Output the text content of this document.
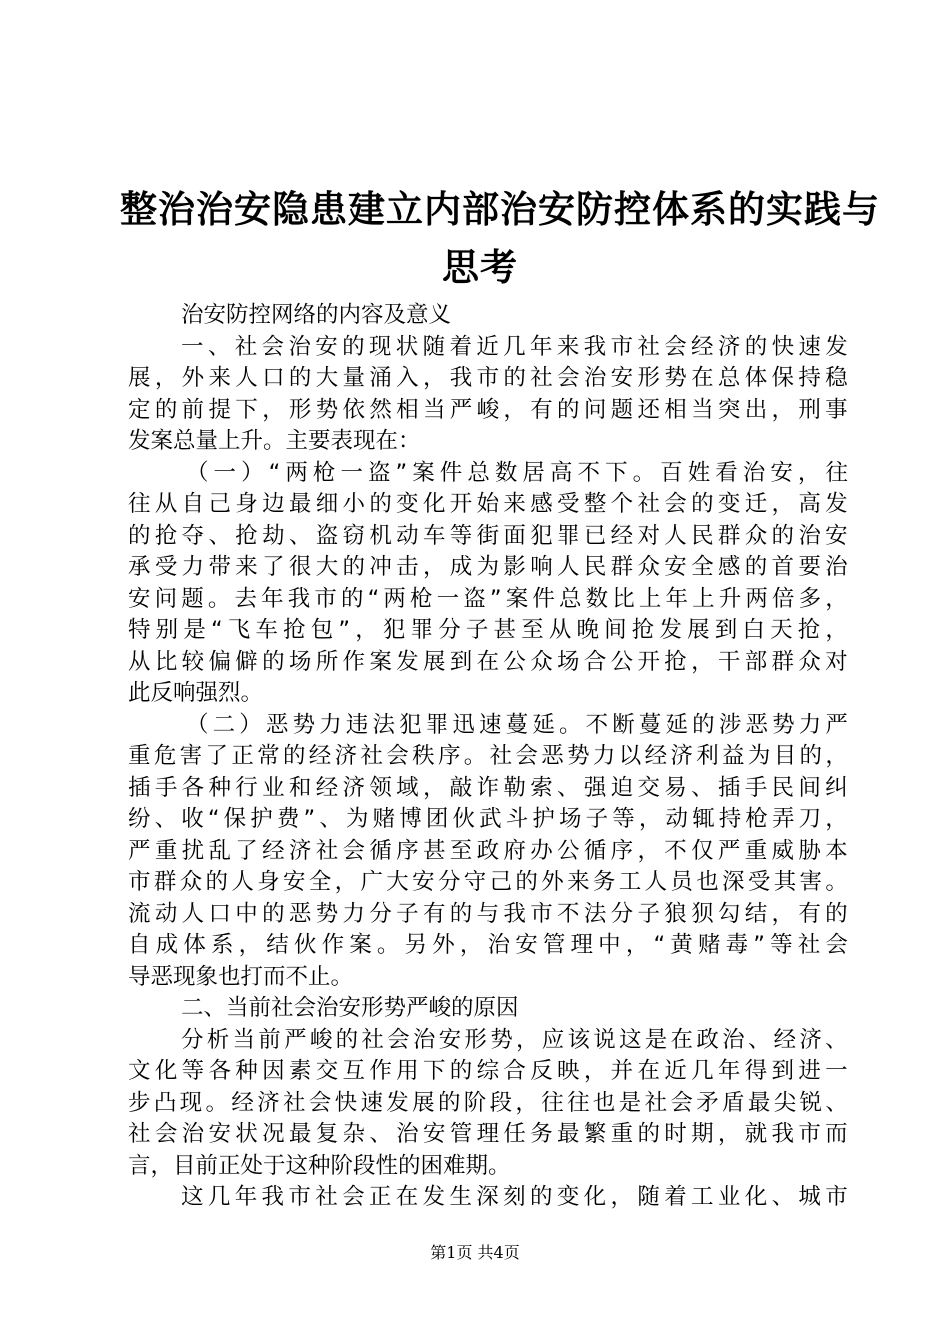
整治治安隐患建立内部治安防控体系的实践与
思考
治安防控网络的内容及意义
一 、 社 会 治 安 的 现 状 随 着 近 几 年 来 我 市 社 会 经 济 的 快 速 发
展 ， 外 来 人 口 的 大 量 涌 入 ， 我 市 的 社 会 治 安 形 势 在 总 体 保 持 稳
定 的 前 提 下 ， 形 势 依 然 相 当 严 峻 ， 有 的 问 题 还 相 当 突 出 ， 刑 事
发案总量上升。主要表现在：
（ 一 ） “ 两 枪 一 盗 ” 案 件 总 数 居 高 不 下 。 百 姓 看 治 安 ， 往
往 从 自 己 身 边 最 细 小 的 变 化 开 始 来 感 受 整 个 社 会 的 变 迁 ， 高 发
的 抢 夺 、 抢 劫 、 盗 窃 机 动 车 等 街 面 犯 罪 已 经 对 人 民 群 众 的 治 安
承 受 力 带 来 了 很 大 的 冲 击 ， 成 为 影 响 人 民 群 众 安 全 感 的 首 要 治
安 问 题 。 去 年 我 市 的 “ 两 枪 一 盗 ” 案 件 总 数 比 上 年 上 升 两 倍 多 ，
特 别 是 “ 飞 车 抢 包 ” ， 犯 罪 分 子 甚 至 从 晚 间 抢 发 展 到 白 天 抢 ，
从 比 较 偏 僻 的 场 所 作 案 发 展 到 在 公 众 场 合 公 开 抢 ， 干 部 群 众 对
此反响强烈。
（ 二 ） 恶 势 力 违 法 犯 罪 迅 速 蔓 延 。 不 断 蔓 延 的 涉 恶 势 力 严
重 危 害 了 正 常 的 经 济 社 会 秩 序 。 社 会 恶 势 力 以 经 济 利 益 为 目 的 ，
插 手 各 种 行 业 和 经 济 领 域 ， 敲 诈 勒 索 、 强 迫 交 易 、 插 手 民 间 纠
纷 、 收 “ 保 护 费 ” 、 为 赌 博 团 伙 武 斗 护 场 子 等 ， 动 辄 持 枪 弄 刀 ，
严 重 扰 乱 了 经 济 社 会 循 序 甚 至 政 府 办 公 循 序 ， 不 仅 严 重 威 胁 本
市 群 众 的 人 身 安 全 ， 广 大 安 分 守 己 的 外 来 务 工 人 员 也 深 受 其 害 。
流 动 人 口 中 的 恶 势 力 分 子 有 的 与 我 市 不 法 分 子 狼 狈 勾 结 ， 有 的
自 成 体 系 ， 结 伙 作 案 。 另 外 ， 治 安 管 理 中 ， “ 黄 赌 毒 ” 等 社 会
导恶现象也打而不止。
二、当前社会治安形势严峻的原因
分 析 当 前 严 峻 的 社 会 治 安 形 势 ， 应 该 说 这 是 在 政 治 、 经 济 、
文 化 等 各 种 因 素 交 互 作 用 下 的 综 合 反 映 ， 并 在 近 几 年 得 到 进 一
步 凸 现 。 经 济 社 会 快 速 发 展 的 阶 段 ， 往 往 也 是 社 会 矛 盾 最 尖 锐 、
社 会 治 安 状 况 最 复 杂 、 治 安 管 理 任 务 最 繁 重 的 时 期 ， 就 我 市 而
言，目前正处于这种阶段性的困难期。
这 几 年 我 市 社 会 正 在 发 生 深 刻 的 变 化 ， 随 着 工 业 化 、 城 市
第1页 共4页
